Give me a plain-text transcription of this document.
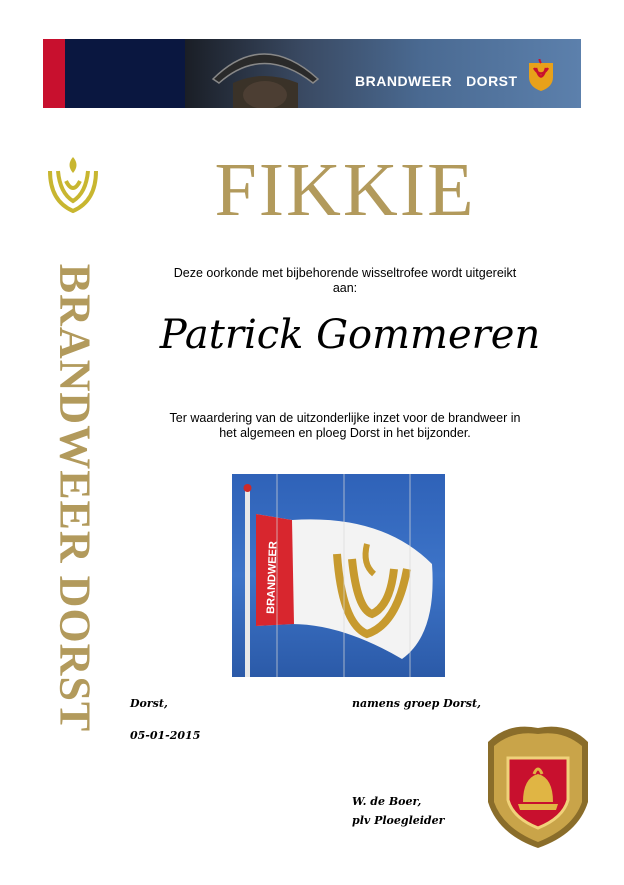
BRANDWEER DORST
BRANDWEER DORST
FIKKIE
Deze oorkonde met bijbehorende wisseltrofee wordt uitgereikt
aan:
Patrick Gommeren
Ter waardering van de uitzonderlijke inzet voor de brandweer in
het algemeen en ploeg Dorst in het bijzonder.
BRANDWEER
Dorst,	namens groep Dorst,
05-01-2015
W. de Boer,
plv Ploegleider
